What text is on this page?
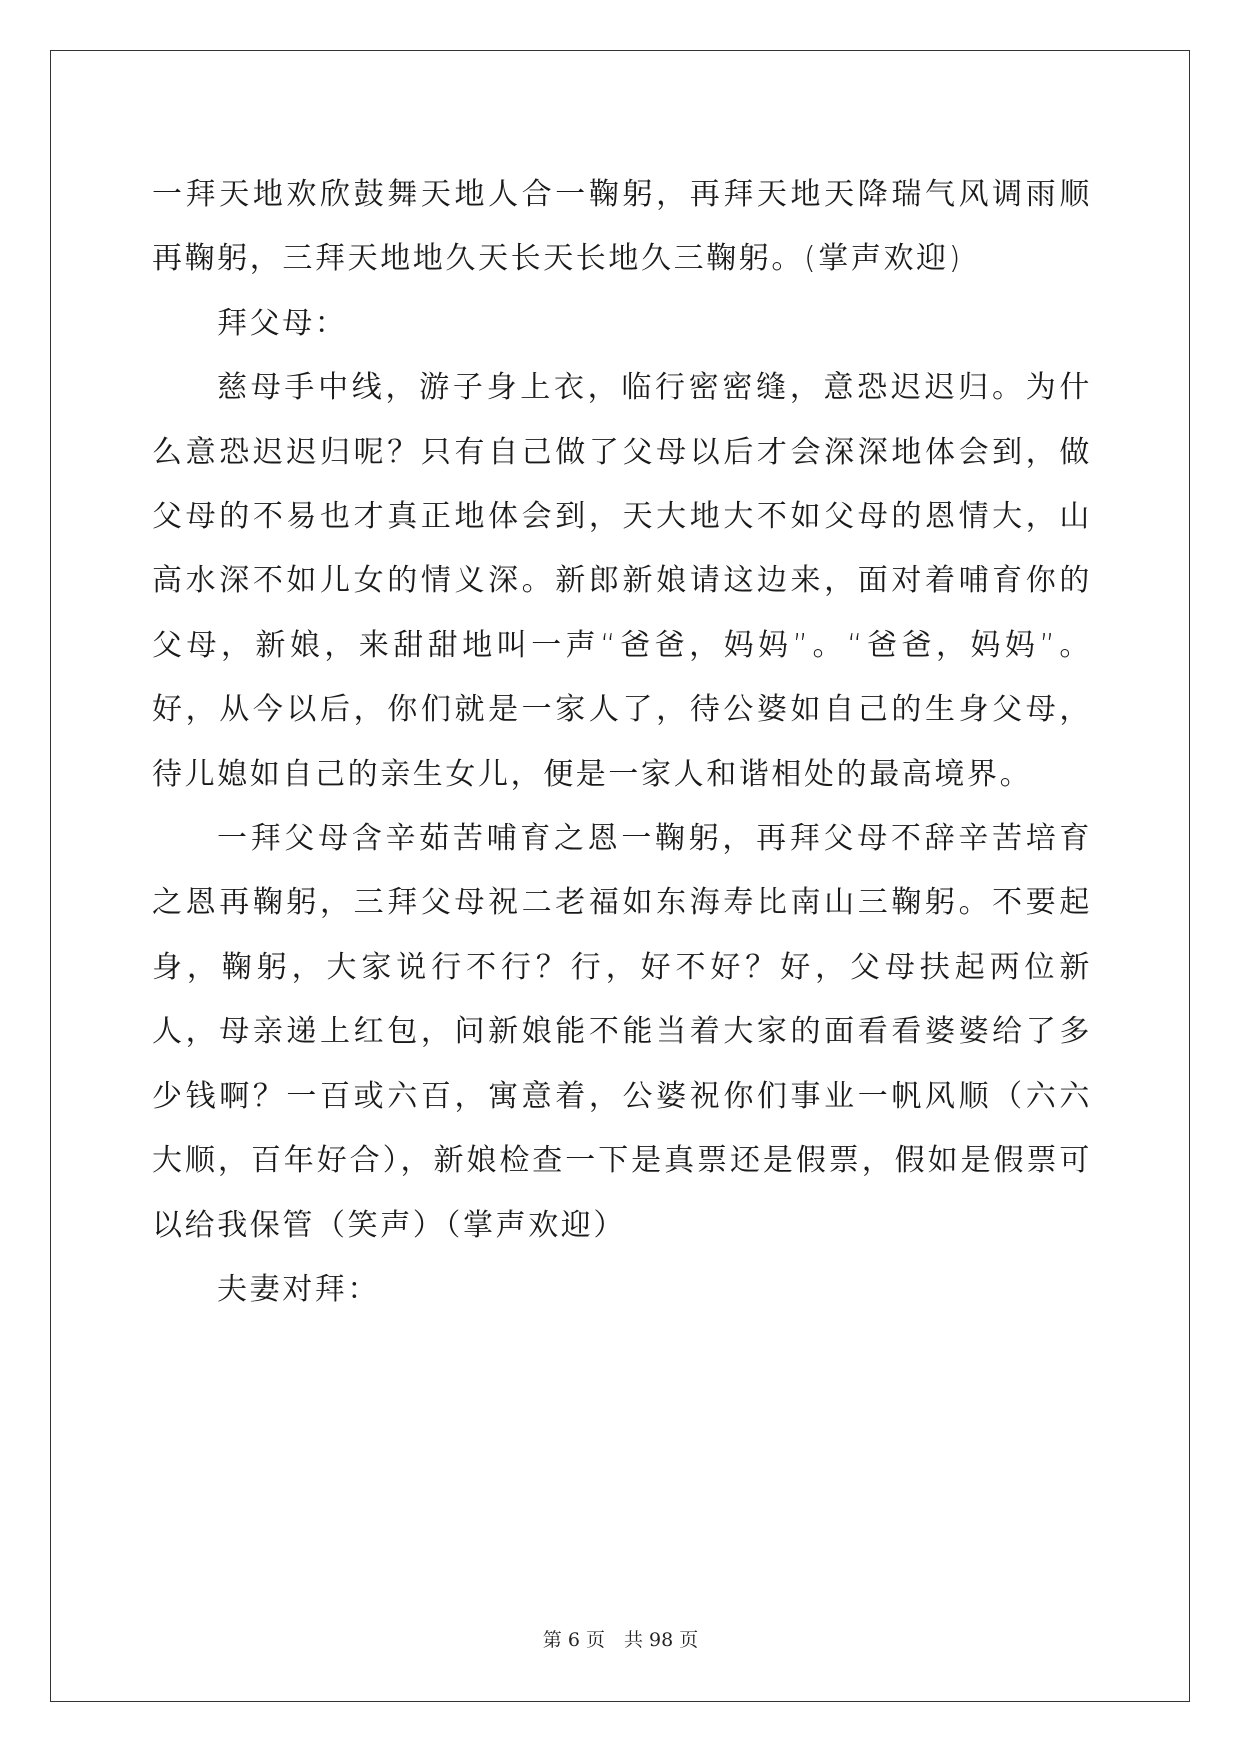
一拜天地欢欣鼓舞天地人合一鞠躬，再拜天地天降瑞气风调雨顺再鞠躬，三拜天地地久天长天长地久三鞠躬。(掌声欢迎)

拜父母：

慈母手中线，游子身上衣，临行密密缝，意恐迟迟归。为什么意恐迟迟归呢？只有自己做了父母以后才会深深地体会到，做父母的不易也才真正地体会到，天大地大不如父母的恩情大，山高水深不如儿女的情义深。新郎新娘请这边来，面对着哺育你的父母，新娘，来甜甜地叫一声“爸爸，妈妈”。“爸爸，妈妈”。好，从今以后，你们就是一家人了，待公婆如自己的生身父母，待儿媳如自己的亲生女儿，便是一家人和谐相处的最高境界。

一拜父母含辛茹苦哺育之恩一鞠躬，再拜父母不辞辛苦培育之恩再鞠躬，三拜父母祝二老福如东海寿比南山三鞠躬。不要起身，鞠躬，大家说行不行？行，好不好？好，父母扶起两位新人，母亲递上红包，问新娘能不能当着大家的面看看婆婆给了多少钱啊？一百或六百，寓意着，公婆祝你们事业一帆风顺（六六大顺，百年好合），新娘检查一下是真票还是假票，假如是假票可以给我保管（笑声）（掌声欢迎）

夫妻对拜：

第 6 页　共 98 页
